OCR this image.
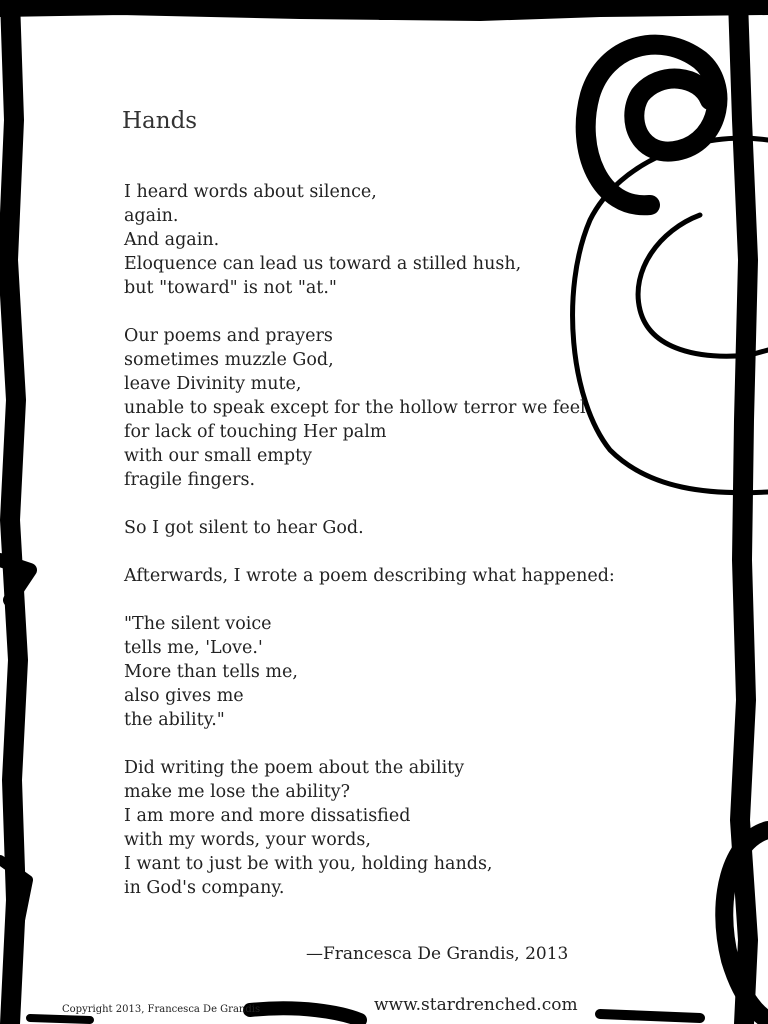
Hands

I heard words about silence,
again.
And again.
Eloquence can lead us toward a stilled hush,
but "toward" is not "at."

Our poems and prayers
sometimes muzzle God,
leave Divinity mute,
unable to speak except for the hollow terror we feel
for lack of touching Her palm
with our small empty
fragile fingers.

So I got silent to hear God.

Afterwards, I wrote a poem describing what happened:

"The silent voice
tells me, 'Love.'
More than tells me,
also gives me
the ability."

Did writing the poem about the ability
make me lose the ability?
I am more and more dissatisfied
with my words, your words,
I want to just be with you, holding hands,
in God's company.

—Francesca De Grandis, 2013
Copyright 2013, Francesca De Grandis	www.stardrenched.com
